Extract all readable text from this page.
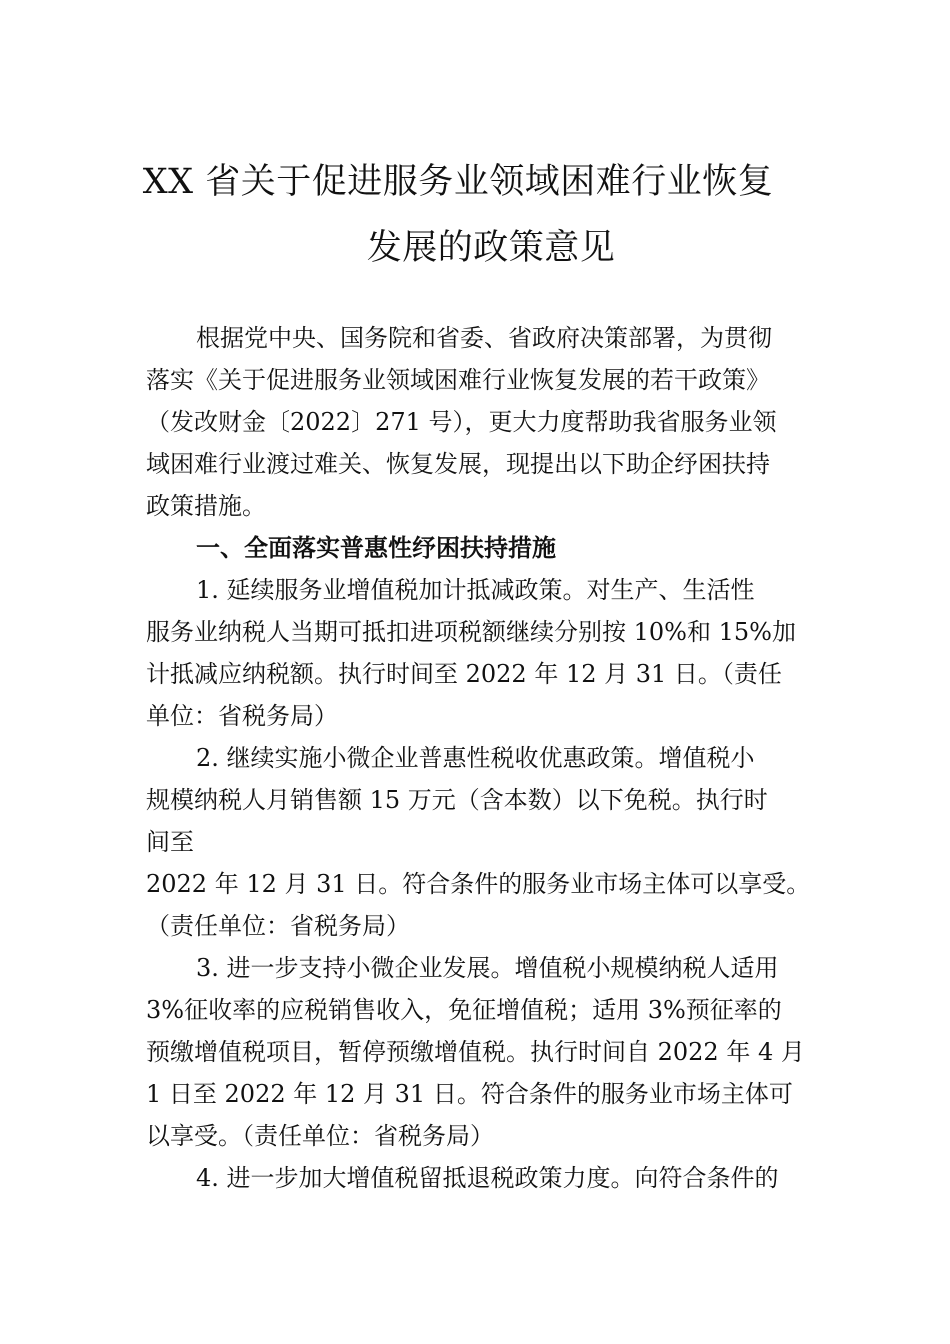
XX 省关于促进服务业领域困难行业恢复
发展的政策意见

根据党中央、国务院和省委、省政府决策部署，为贯彻

落实《关于促进服务业领域困难行业恢复发展的若干政策》

（发改财金〔2022〕271 号），更大力度帮助我省服务业领

域困难行业渡过难关、恢复发展，现提出以下助企纾困扶持

政策措施。

一、全面落实普惠性纾困扶持措施

1. 延续服务业增值税加计抵减政策。对生产、生活性

服务业纳税人当期可抵扣进项税额继续分别按 10%和 15%加

计抵减应纳税额。执行时间至 2022 年 12 月 31 日。（责任

单位：省税务局）

2. 继续实施小微企业普惠性税收优惠政策。增值税小

规模纳税人月销售额 15 万元（含本数）以下免税。执行时

间至

2022 年 12 月 31 日。符合条件的服务业市场主体可以享受。

（责任单位：省税务局）

3. 进一步支持小微企业发展。增值税小规模纳税人适用

3%征收率的应税销售收入，免征增值税；适用 3%预征率的

预缴增值税项目，暂停预缴增值税。执行时间自 2022 年 4 月

1 日至 2022 年 12 月 31 日。符合条件的服务业市场主体可

以享受。（责任单位：省税务局）

4. 进一步加大增值税留抵退税政策力度。向符合条件的
